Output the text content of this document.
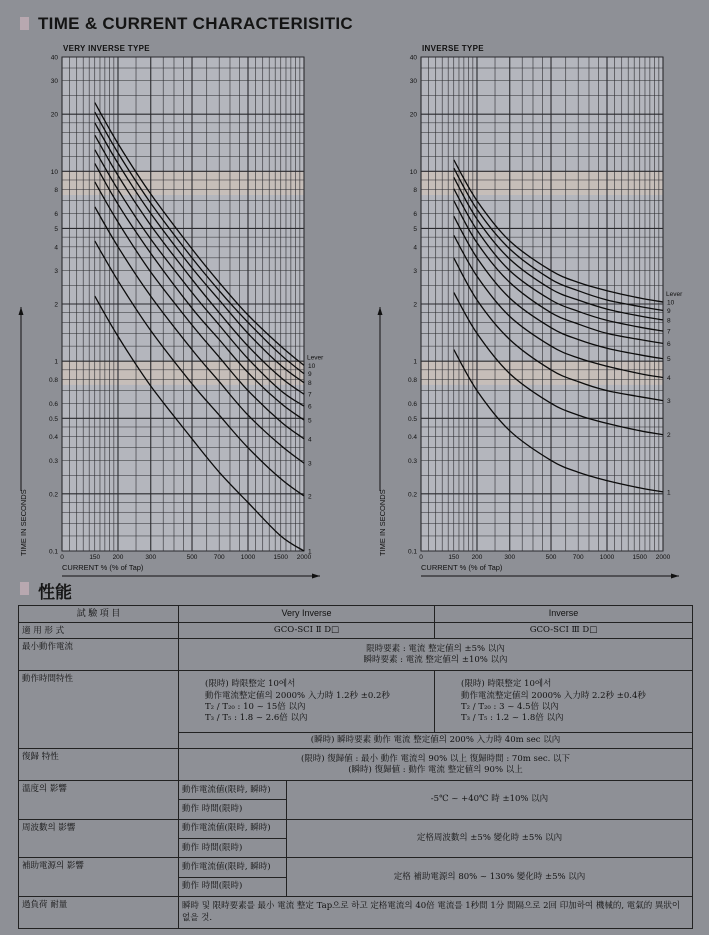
TIME & CURRENT CHARACTERISITIC
0.1
0.2
0.3
0.4
0.5
0.6
0.8
1
2
3
4
5
6
8
10
20
30
40
0	150 200	300	500	700 1000	1500 2000
VERY INVERSE TYPE
CURRENT % (% of Tap)
TIME IN SECONDS
10
9
8
7
6
5
4
3
2
1
Lever
0.1
0.2
0.3
0.4
0.5
0.6
0.8
1
2
3
4
5
6
8
10
20
30
40
0	150 200	300	500	700 1000	1500 2000
INVERSE TYPE
CURRENT % (% of Tap)
TIME IN SECONDS
10
9
8
7
6
5
4
3
2
1
Lever
性能
試 驗 項 目	Very Inverse		Inverse
適 用 形 式	GCO-SCI Ⅱ D□		GCO-SCI Ⅲ D□
最小動作電流	限時要素 : 電流 整定値의 ±5% 以內
瞬時要素 : 電流 整定値의 ±10% 以內		

動作時間特性	(限時) 時限整定 10에서
動作電流整定値의 2000% 入力時 1.2秒 ±0.2秒
T₂ / T₂₀ : 10 ~ 15倍 以內
T₃ / T₅ : 1.8 ~ 2.6倍 以內		(限時) 時限整定 10에서
動作電流整定値의 2000% 入力時 2.2秒 ±0.4秒
T₂ / T₂₀ : 3 ~ 4.5倍 以內
T₃ / T₅ : 1.2 ~ 1.8倍 以內

	(瞬時) 瞬時要素 動作 電流 整定値의 200% 入力時 40m sec 以內		
復歸 特性	(限時) 復歸値 : 最小 動作 電流의 90% 以上 復歸時間 : 70m sec. 以下
(瞬時) 復歸値 : 動作 電流 整定値의 90% 以上		

溫度의 影響	動作電流値(限時, 瞬時)	-5℃ ~ +40℃ 時 ±10% 以內	
	動作 時間(限時)		
周波數의 影響	動作電流値(限時, 瞬時)	定格周波數의 ±5% 變化時 ±5% 以內	
	動作 時間(限時)		
補助電源의 影響	動作電流値(限時, 瞬時)	定格 補助電源의 80% ~ 130% 變化時 ±5% 以內	
	動作 時間(限時)		
過負荷 耐量	瞬時 및 限時要素를 最小 電流 整定 Tap으로 하고 定格電流의 40倍 電流를 1秒間 1分 間隔으로 2回 印加하여 機械的, 電氣的 異狀이 없을 것.		
